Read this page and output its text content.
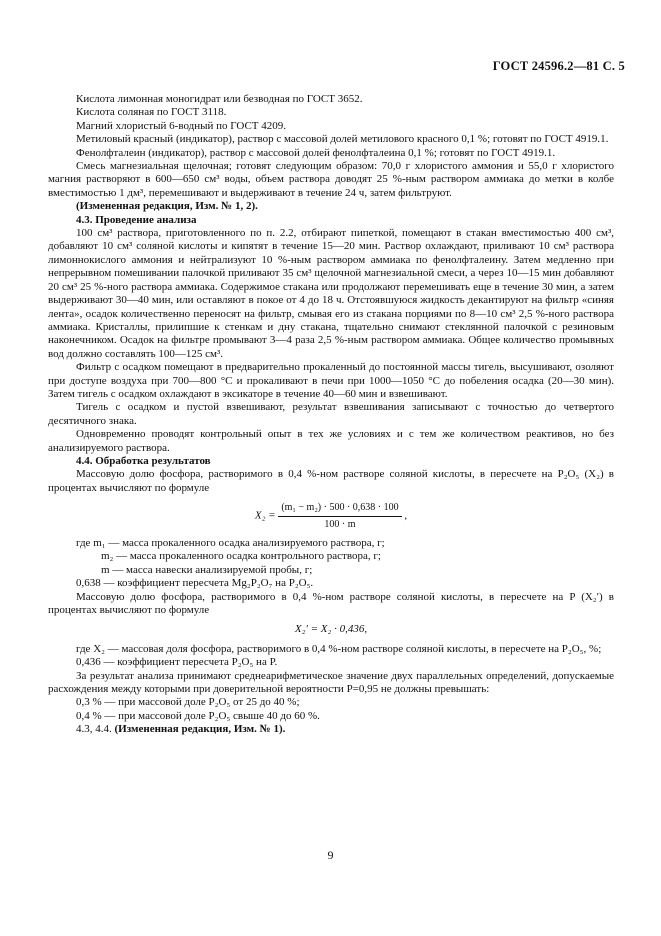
ГОСТ 24596.2—81 С. 5

Кислота лимонная моногидрат или безводная по ГОСТ 3652.

Кислота соляная по ГОСТ 3118.

Магний хлористый 6-водный по ГОСТ 4209.

Метиловый красный (индикатор), раствор с массовой долей метилового красного 0,1 %; готовят по ГОСТ 4919.1.

Фенолфталеин (индикатор), раствор с массовой долей фенолфталеина 0,1 %; готовят по ГОСТ 4919.1.

Смесь магнезиальная щелочная; готовят следующим образом: 70,0 г хлористого аммония и 55,0 г хлористого магния растворяют в 600—650 см³ воды, объем раствора доводят 25 %-ным раствором аммиака до метки в колбе вместимостью 1 дм³, перемешивают и выдерживают в течение 24 ч, затем фильтруют.

(Измененная редакция, Изм. № 1, 2).

4.3. Проведение анализа

100 см³ раствора, приготовленного по п. 2.2, отбирают пипеткой, помещают в стакан вместимостью 400 см³, добавляют 10 см³ соляной кислоты и кипятят в течение 15—20 мин. Раствор охлаждают, приливают 10 см³ раствора лимоннокислого аммония и нейтрализуют 10 %-ным раствором аммиака по фенолфталеину. Затем медленно при непрерывном помешивании палочкой приливают 35 см³ щелочной магнезиальной смеси, а через 10—15 мин добавляют 20 см³ 25 %-ного раствора аммиака. Содержимое стакана или продолжают перемешивать еще в течение 30 мин, а затем выдерживают 30—40 мин, или оставляют в покое от 4 до 18 ч. Отстоявшуюся жидкость декантируют на фильтр «синяя лента», осадок количественно переносят на фильтр, смывая его из стакана порциями по 8—10 см³ 2,5 %-ного раствора аммиака. Кристаллы, прилипшие к стенкам и дну стакана, тщательно снимают стеклянной палочкой с резиновым наконечником. Осадок на фильтре промывают 3—4 раза 2,5 %-ным раствором аммиака. Общее количество промывных вод должно составлять 100—125 см³.

Фильтр с осадком помещают в предварительно прокаленный до постоянной массы тигель, высушивают, озоляют при доступе воздуха при 700—800 °С и прокаливают в печи при 1000—1050 °С до побеления осадка (20—30 мин). Затем тигель с осадком охлаждают в эксикаторе в течение 40—60 мин и взвешивают.

Тигель с осадком и пустой взвешивают, результат взвешивания записывают с точностью до четвертого десятичного знака.

Одновременно проводят контрольный опыт в тех же условиях и с тем же количеством реактивов, но без анализируемого раствора.

4.4. Обработка результатов

Массовую долю фосфора, растворимого в 0,4 %-ном растворе соляной кислоты, в пересчете на P₂O₅ (X₂) в процентах вычисляют по формуле

$X_2 = \frac{\text{(m₁ − m₂) · 500 · 0,638 · 100}}{100 \cdot m}$ ,

где m₁ — масса прокаленного осадка анализируемого раствора, г;

m₂ — масса прокаленного осадка контрольного раствора, г;

m — масса навески анализируемой пробы, г;

0,638 — коэффициент пересчета Mg₂P₂O₇ на P₂O₅.

Массовую долю фосфора, растворимого в 0,4 %-ном растворе соляной кислоты, в пересчете на P (X₂′) в процентах вычисляют по формуле

X₂′ = X₂ · 0,436,

где X₂ — массовая доля фосфора, растворимого в 0,4 %-ном растворе соляной кислоты, в пересчете на P₂O₅, %;

0,436 — коэффициент пересчета P₂O₅ на P.

За результат анализа принимают среднеарифметическое значение двух параллельных определений, допускаемые расхождения между которыми при доверительной вероятности P=0,95 не должны превышать:

0,3 % — при массовой доле P₂O₅ от 25 до 40 %;

0,4 % — при массовой доле P₂O₅ свыше 40 до 60 %.

4.3, 4.4. (Измененная редакция, Изм. № 1).

9
